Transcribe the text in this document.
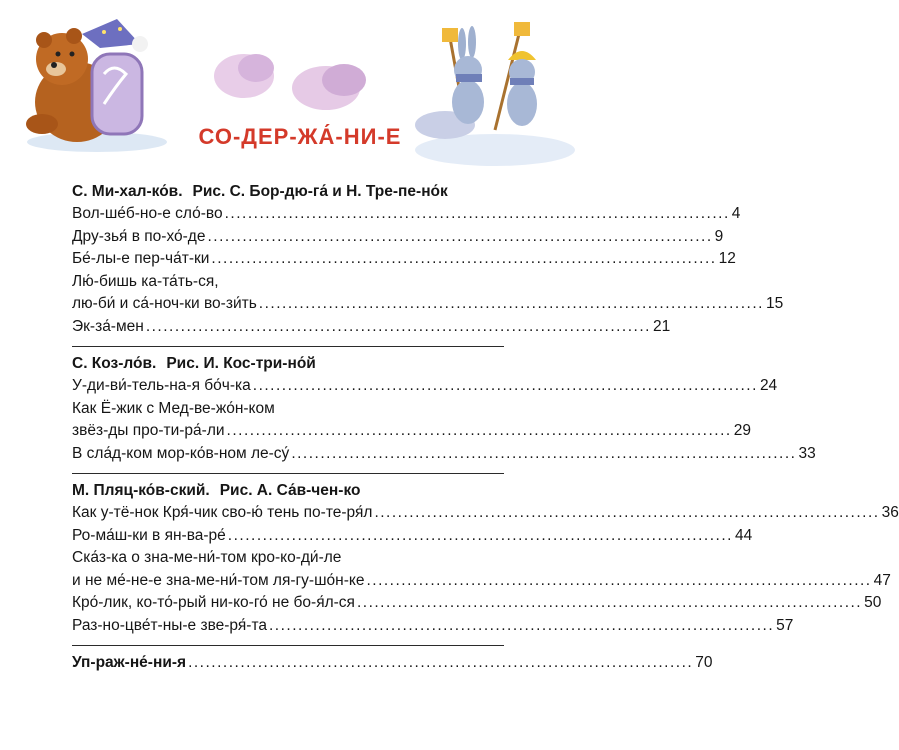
СО-ДЕР-ЖА́-НИ-Е
С. Ми-хал-ко́в. Рис. С. Бор-дю-га́ и Н. Тре-пе-но́к
Вол-ше́б-но-е сло́-во ....................................................................................... 4
Дру-зья́ в по-хо́-де ....................................................................................... 9
Бе́-лы-е пер-ча́т-ки ....................................................................................... 12
Лю́-бишь ка-та́ть-ся,
лю-би́ и са́-ноч-ки во-зи́ть ....................................................................................... 15
Эк-за́-мен ....................................................................................... 21
С. Коз-ло́в. Рис. И. Кос-три-но́й
У-ди-ви́-тель-на-я бо́ч-ка ....................................................................................... 24
Как Ё-жик с Мед-ве-жо́н-ком
звёз-ды про-ти-ра́-ли ....................................................................................... 29
В сла́д-ком мор-ко́в-ном ле-су́ ....................................................................................... 33
М. Пляц-ко́в-ский. Рис. А. Са́в-чен-ко
Как у-тё-нок Кря́-чик сво-ю́ тень по-те-ря́л ....................................................................................... 36
Ро-ма́ш-ки в ян-ва-ре́ ....................................................................................... 44
Ска́з-ка о зна-ме-ни́-том кро-ко-ди́-ле
и не ме́-не-е зна-ме-ни́-том ля-гу-шо́н-ке ....................................................................................... 47
Кро́-лик, ко-то́-рый ни-ко-го́ не бо-я́л-ся ....................................................................................... 50
Раз-но-цве́т-ны-е зве-ря́-та ....................................................................................... 57
Уп-раж-не́-ни-я ....................................................................................... 70
